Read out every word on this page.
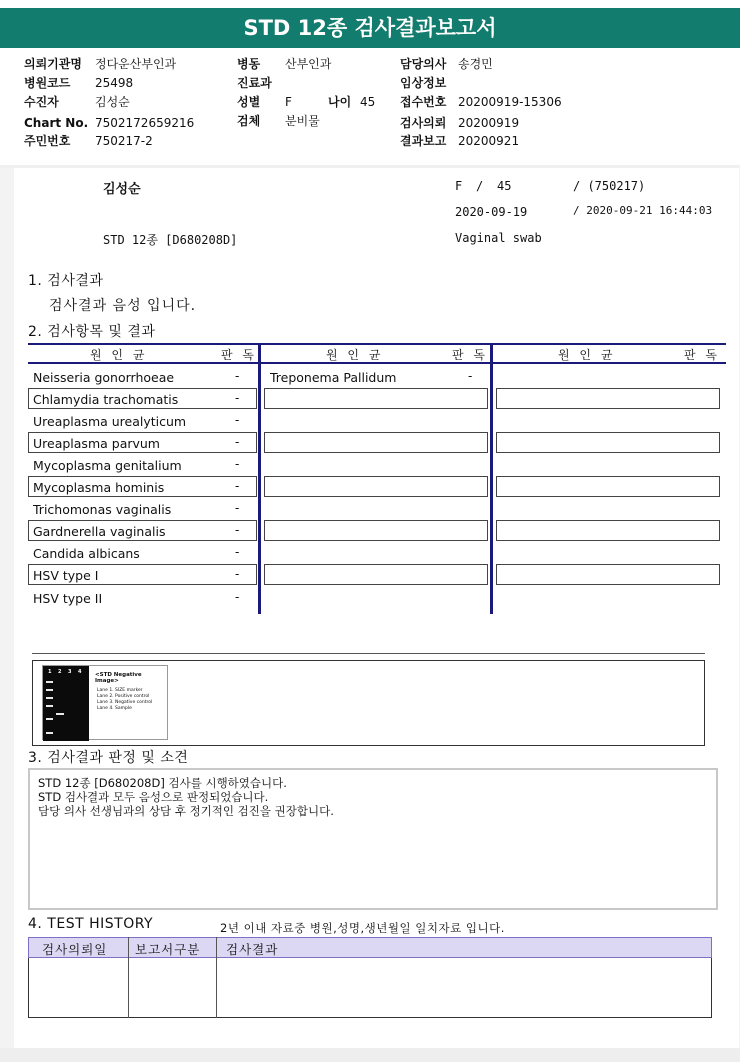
STD 12종 검사결과보고서
의뢰기관명 정다운산부인과
병원코드 25498
수진자	김성순
Chart No. 7502172659216
주민번호 750217-2
병동 산부인과
진료과
성별 F	나이 45
검체 분비물
담당의사 송경민
임상정보
접수번호 20200919-15306
검사의뢰 20200919
결과보고 20200921
김성순	F / 45	/ (750217)
2020-09-19	/ 2020-09-21 16:44:03
STD 12종 [D680208D]	Vaginal swab
1. 검사결과
검사결과 음성 입니다.
2. 검사항목 및 결과
원 인 균	판 독	원 인 균	판 독	원 인 균	판 독
Neisseria gonorrhoeae	-
Chlamydia trachomatis	-
Ureaplasma urealyticum	-
Ureaplasma parvum	-
Mycoplasma genitalium	-
Mycoplasma hominis	-
Trichomonas vaginalis	-
Gardnerella vaginalis	-
Candida albicans	-
HSV type I	-
HSV type II	-
Treponema Pallidum	-
1 2 3 4 <STD Negative Image>
Lane 1. SIZE marker
Lane 2. Positive control
Lane 3. Negative control
Lane 4. Sample
3. 검사결과 판정 및 소견
STD 12종 [D680208D] 검사를 시행하였습니다.
STD 검사결과 모두 음성으로 판정되었습니다.
담당 의사 선생님과의 상담 후 정기적인 검진을 권장합니다.
4. TEST HISTORY	2년 이내 자료중 병원,성명,생년월일 일치자료 입니다.
검사의뢰일 보고서구분 검사결과
